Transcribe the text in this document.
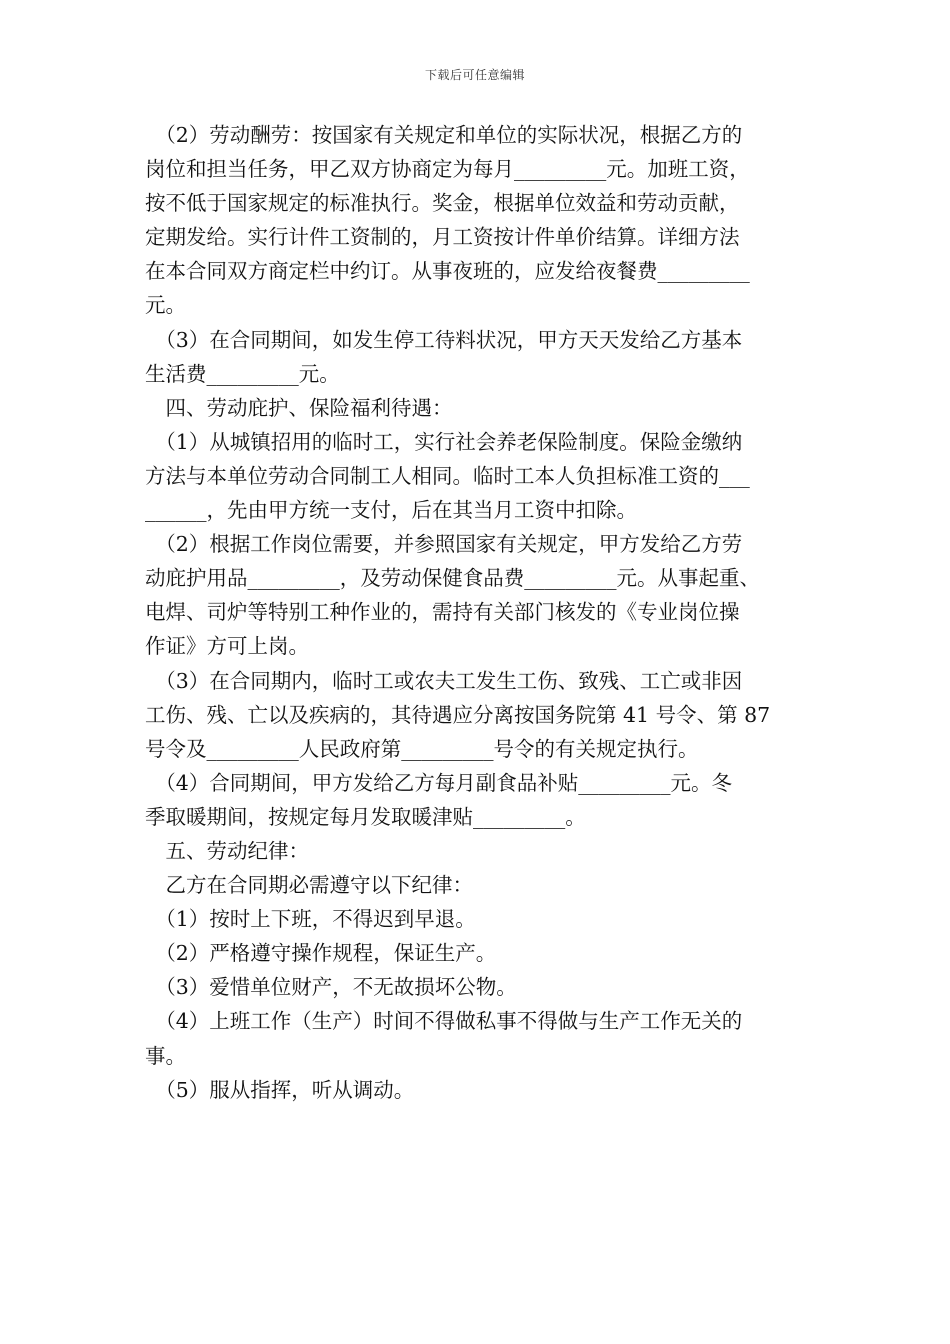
下载后可任意编辑
　（2）劳动酬劳：按国家有关规定和单位的实际状况，根据乙方的
岗位和担当任务，甲乙双方协商定为每月_________元。加班工资，
按不低于国家规定的标准执行。奖金，根据单位效益和劳动贡献，
定期发给。实行计件工资制的，月工资按计件单价结算。详细方法
在本合同双方商定栏中约订。从事夜班的，应发给夜餐费_________
元。
　（3）在合同期间，如发生停工待料状况，甲方天天发给乙方基本
生活费_________元。
　四、劳动庇护、保险福利待遇：
　（1）从城镇招用的临时工，实行社会养老保险制度。保险金缴纳
方法与本单位劳动合同制工人相同。临时工本人负担标准工资的___
______，先由甲方统一支付，后在其当月工资中扣除。
　（2）根据工作岗位需要，并参照国家有关规定，甲方发给乙方劳
动庇护用品_________，及劳动保健食品费_________元。从事起重、
电焊、司炉等特别工种作业的，需持有关部门核发的《专业岗位操
作证》方可上岗。
　（3）在合同期内，临时工或农夫工发生工伤、致残、工亡或非因
工伤、残、亡以及疾病的，其待遇应分离按国务院第 41 号令、第 87
号令及_________人民政府第_________号令的有关规定执行。
　（4）合同期间，甲方发给乙方每月副食品补贴_________元。冬
季取暖期间，按规定每月发取暖津贴_________。
　五、劳动纪律：
　乙方在合同期必需遵守以下纪律：
　（1）按时上下班，不得迟到早退。
　（2）严格遵守操作规程，保证生产。
　（3）爱惜单位财产，不无故损坏公物。
　（4）上班工作（生产）时间不得做私事不得做与生产工作无关的
事。
　（5）服从指挥，听从调动。
